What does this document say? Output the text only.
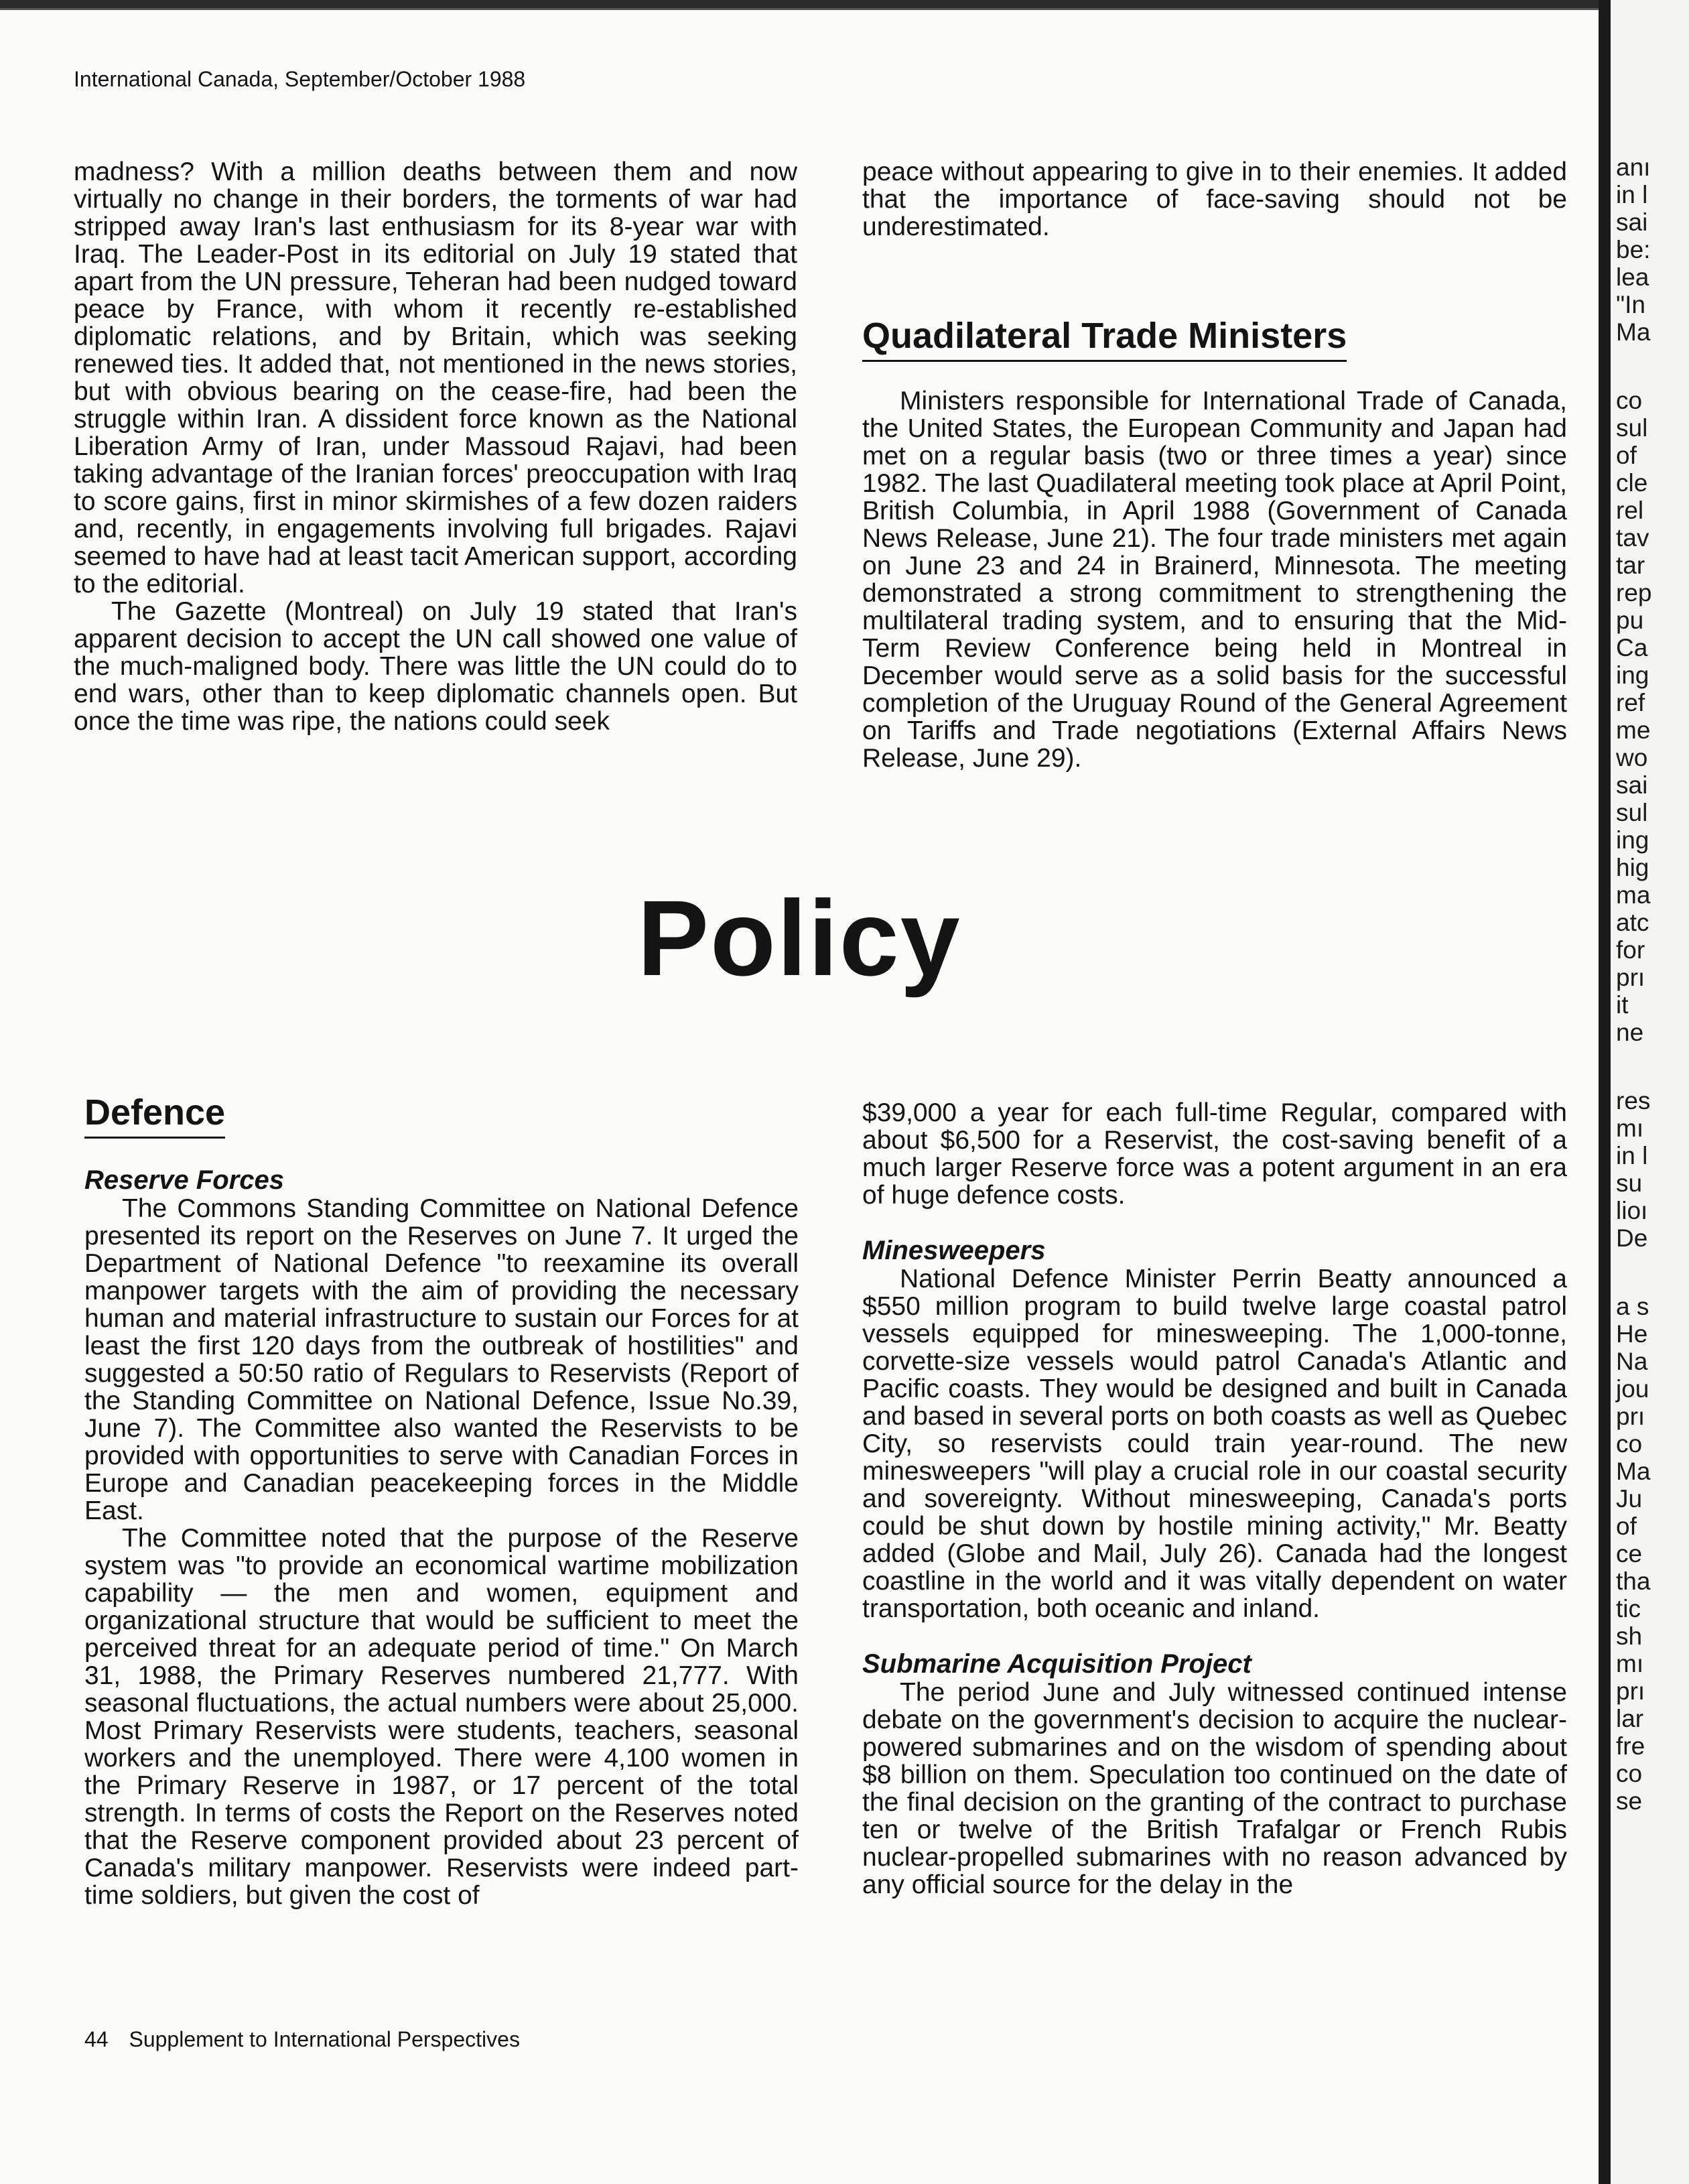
International Canada, September/October 1988

madness? With a million deaths between them and now virtually no change in their borders, the torments of war had stripped away Iran's last enthusiasm for its 8-year war with Iraq. The Leader-Post in its editorial on July 19 stated that apart from the UN pressure, Teheran had been nudged toward peace by France, with whom it recently re-established diplomatic relations, and by Britain, which was seeking renewed ties. It added that, not mentioned in the news stories, but with obvious bearing on the cease-fire, had been the struggle within Iran. A dissident force known as the National Liberation Army of Iran, under Massoud Rajavi, had been taking advantage of the Iranian forces' preoccupation with Iraq to score gains, first in minor skirmishes of a few dozen raiders and, recently, in engagements involving full brigades. Rajavi seemed to have had at least tacit American support, according to the editorial.

The Gazette (Montreal) on July 19 stated that Iran's apparent decision to accept the UN call showed one value of the much-maligned body. There was little the UN could do to end wars, other than to keep diplomatic channels open. But once the time was ripe, the nations could seek

peace without appearing to give in to their enemies. It added that the importance of face-saving should not be underestimated.

Quadilateral Trade Ministers

Ministers responsible for International Trade of Canada, the United States, the European Community and Japan had met on a regular basis (two or three times a year) since 1982. The last Quadilateral meeting took place at April Point, British Columbia, in April 1988 (Government of Canada News Release, June 21). The four trade ministers met again on June 23 and 24 in Brainerd, Minnesota. The meeting demonstrated a strong commitment to strengthening the multilateral trading system, and to ensuring that the Mid-Term Review Conference being held in Montreal in December would serve as a solid basis for the successful completion of the Uruguay Round of the General Agreement on Tariffs and Trade negotiations (External Affairs News Release, June 29).

Policy
Defence
Reserve Forces

The Commons Standing Committee on National Defence presented its report on the Reserves on June 7. It urged the Department of National Defence "to reexamine its overall manpower targets with the aim of providing the necessary human and material infrastructure to sustain our Forces for at least the first 120 days from the outbreak of hostilities" and suggested a 50:50 ratio of Regulars to Reservists (Report of the Standing Committee on National Defence, Issue No.39, June 7). The Committee also wanted the Reservists to be provided with opportunities to serve with Canadian Forces in Europe and Canadian peacekeeping forces in the Middle East.

The Committee noted that the purpose of the Reserve system was "to provide an economical wartime mobilization capability — the men and women, equipment and organizational structure that would be sufficient to meet the perceived threat for an adequate period of time." On March 31, 1988, the Primary Reserves numbered 21,777. With seasonal fluctuations, the actual numbers were about 25,000. Most Primary Reservists were students, teachers, seasonal workers and the unemployed. There were 4,100 women in the Primary Reserve in 1987, or 17 percent of the total strength. In terms of costs the Report on the Reserves noted that the Reserve component provided about 23 percent of Canada's military manpower. Reservists were indeed part-time soldiers, but given the cost of

$39,000 a year for each full-time Regular, compared with about $6,500 for a Reservist, the cost-saving benefit of a much larger Reserve force was a potent argument in an era of huge defence costs.

Minesweepers

National Defence Minister Perrin Beatty announced a $550 million program to build twelve large coastal patrol vessels equipped for minesweeping. The 1,000-tonne, corvette-size vessels would patrol Canada's Atlantic and Pacific coasts. They would be designed and built in Canada and based in several ports on both coasts as well as Quebec City, so reservists could train year-round. The new minesweepers "will play a crucial role in our coastal security and sovereignty. Without minesweeping, Canada's ports could be shut down by hostile mining activity," Mr. Beatty added (Globe and Mail, July 26). Canada had the longest coastline in the world and it was vitally dependent on water transportation, both oceanic and inland.

Submarine Acquisition Project

The period June and July witnessed continued intense debate on the government's decision to acquire the nuclear-powered submarines and on the wisdom of spending about $8 billion on them. Speculation too continued on the date of the final decision on the granting of the contract to purchase ten or twelve of the British Trafalgar or French Rubis nuclear-propelled submarines with no reason advanced by any official source for the delay in the

44 Supplement to International Perspectives
anı
in l
sai
be:
lea
"In
Ma
co
sul
of
cle
rel
tav
tar
rep
pu
Ca
ing
ref
me
wo
sai
sul
ing
hig
ma
atc
for
prı
it
ne
res
mı
in l
su
lioı
De
a s
He
Na
jou
prı
co
Ma
Ju
of
ce
tha
tic
sh
mı
prı
lar
fre
co
se
